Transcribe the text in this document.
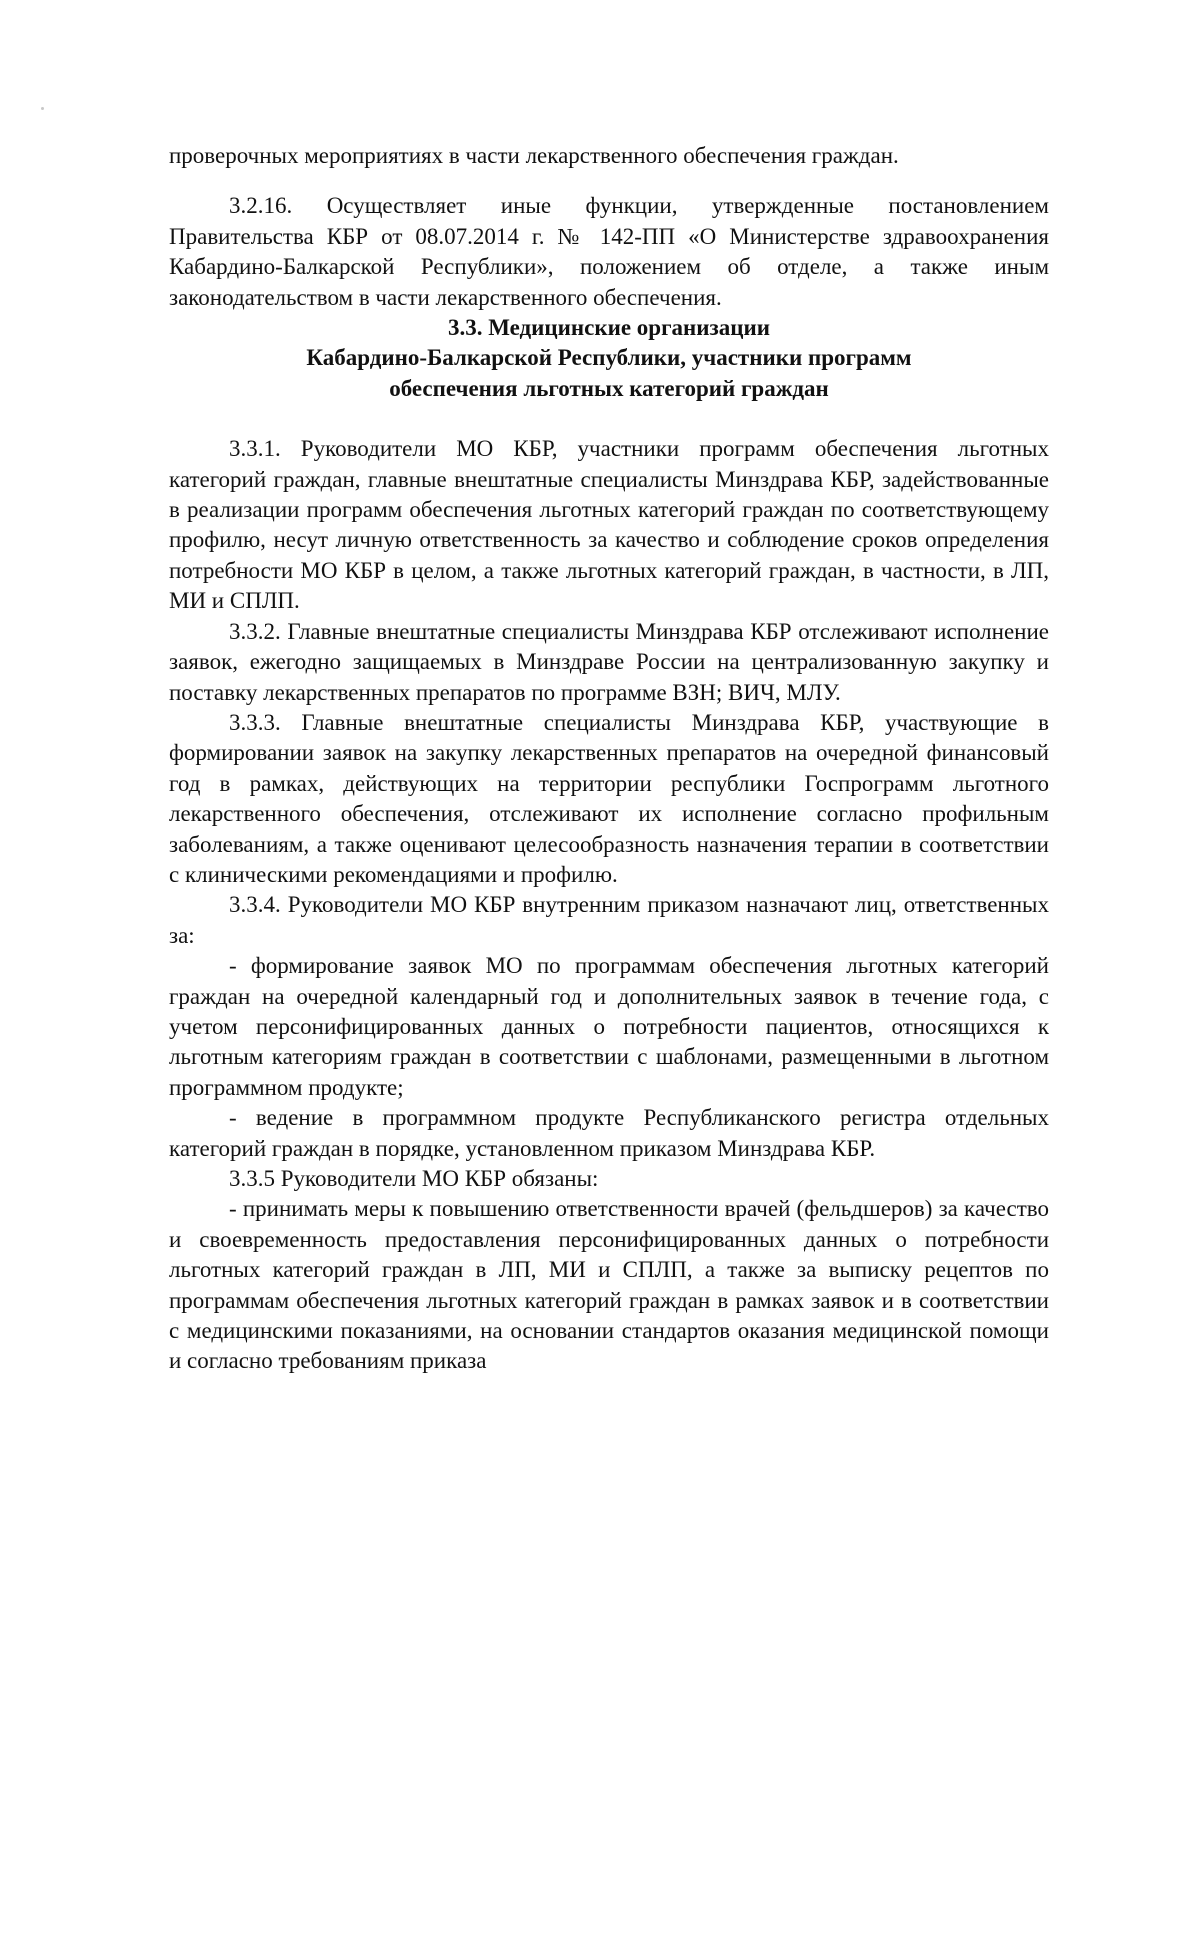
проверочных мероприятиях в части лекарственного обеспечения граждан.

3.2.16. Осуществляет иные функции, утвержденные постановлением Правительства КБР от 08.07.2014 г. № 142-ПП «О Министерстве здравоохранения Кабардино-Балкарской Республики», положением об отделе, а также иным законодательством в части лекарственного обеспечения.

3.3. Медицинские организации

Кабардино-Балкарской Республики, участники программ

обеспечения льготных категорий граждан

3.3.1. Руководители МО КБР, участники программ обеспечения льготных категорий граждан, главные внештатные специалисты Минздрава КБР, задействованные в реализации программ обеспечения льготных категорий граждан по соответствующему профилю, несут личную ответственность за качество и соблюдение сроков определения потребности МО КБР в целом, а также льготных категорий граждан, в частности, в ЛП, МИ и СПЛП.

3.3.2. Главные внештатные специалисты Минздрава КБР отслеживают исполнение заявок, ежегодно защищаемых в Минздраве России на централизованную закупку и поставку лекарственных препаратов по программе ВЗН; ВИЧ, МЛУ.

3.3.3. Главные внештатные специалисты Минздрава КБР, участвующие в формировании заявок на закупку лекарственных препаратов на очередной финансовый год в рамках, действующих на территории республики Госпрограмм льготного лекарственного обеспечения, отслеживают их исполнение согласно профильным заболеваниям, а также оценивают целесообразность назначения терапии в соответствии с клиническими рекомендациями и профилю.

3.3.4. Руководители МО КБР внутренним приказом назначают лиц, ответственных за:

- формирование заявок МО по программам обеспечения льготных категорий граждан на очередной календарный год и дополнительных заявок в течение года, с учетом персонифицированных данных о потребности пациентов, относящихся к льготным категориям граждан в соответствии с шаблонами, размещенными в льготном программном продукте;

- ведение в программном продукте Республиканского регистра отдельных категорий граждан в порядке, установленном приказом Минздрава КБР.

3.3.5 Руководители МО КБР обязаны:

- принимать меры к повышению ответственности врачей (фельдшеров) за качество и своевременность предоставления персонифицированных данных о потребности льготных категорий граждан в ЛП, МИ и СПЛП, а также за выписку рецептов по программам обеспечения льготных категорий граждан в рамках заявок и в соответствии с медицинскими показаниями, на основании стандартов оказания медицинской помощи и согласно требованиям приказа
